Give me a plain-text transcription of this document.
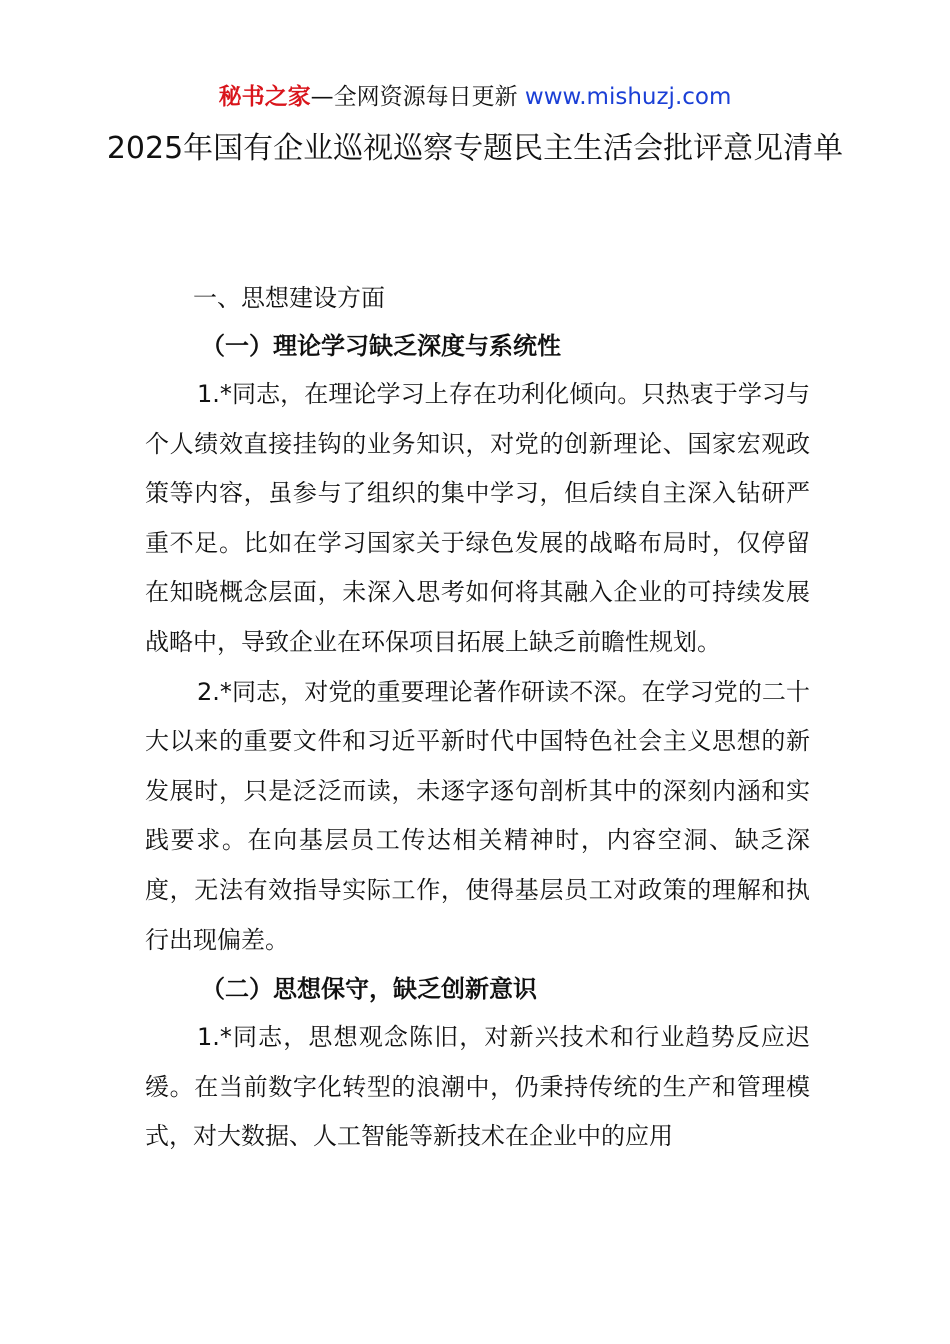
秘书之家—全网资源每日更新 www.mishuzj.com
2025年国有企业巡视巡察专题民主生活会批评意见清单
一、思想建设方面
（一）理论学习缺乏深度与系统性

1.*同志，在理论学习上存在功利化倾向。只热衷于学习与个人绩效直接挂钩的业务知识，对党的创新理论、国家宏观政策等内容，虽参与了组织的集中学习，但后续自主深入钻研严重不足。比如在学习国家关于绿色发展的战略布局时，仅停留在知晓概念层面，未深入思考如何将其融入企业的可持续发展战略中，导致企业在环保项目拓展上缺乏前瞻性规划。

2.*同志，对党的重要理论著作研读不深。在学习党的二十大以来的重要文件和习近平新时代中国特色社会主义思想的新发展时，只是泛泛而读，未逐字逐句剖析其中的深刻内涵和实践要求。在向基层员工传达相关精神时，内容空洞、缺乏深度，无法有效指导实际工作，使得基层员工对政策的理解和执行出现偏差。

（二）思想保守，缺乏创新意识

1.*同志，思想观念陈旧，对新兴技术和行业趋势反应迟缓。在当前数字化转型的浪潮中，仍秉持传统的生产和管理模式，对大数据、人工智能等新技术在企业中的应用
